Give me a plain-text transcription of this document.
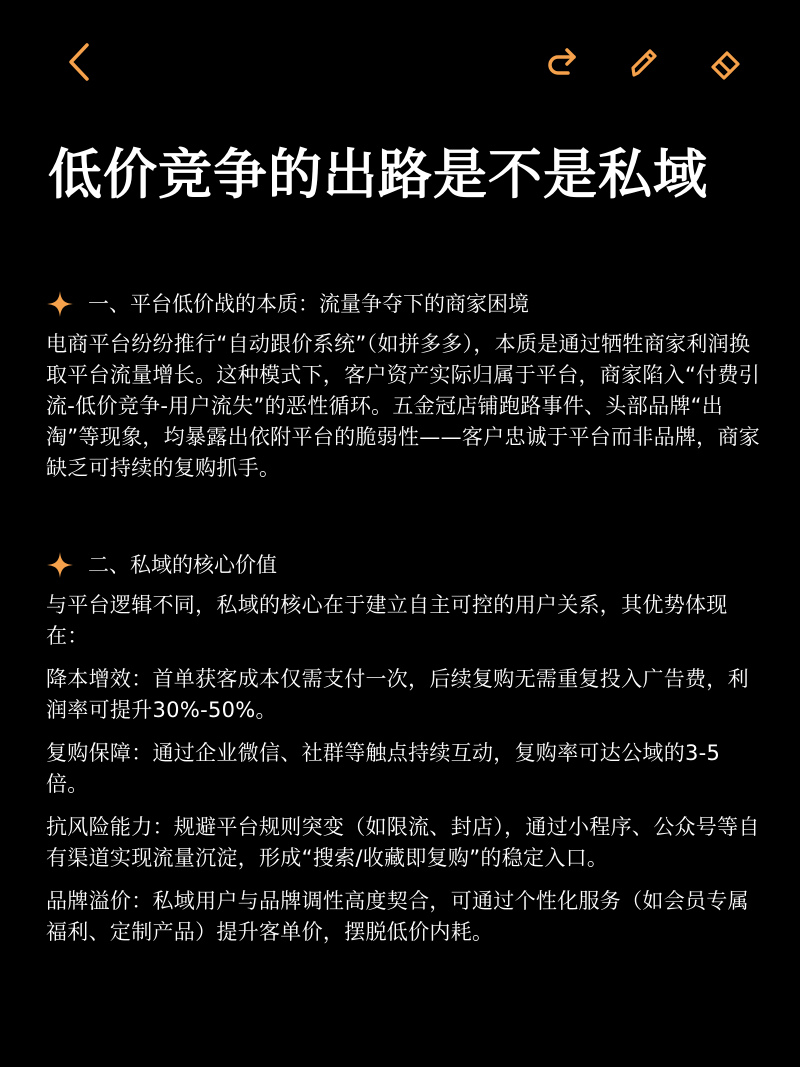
低价竞争的出路是不是私域
一、平台低价战的本质：流量争夺下的商家困境

电商平台纷纷推行“自动跟价系统”（如拼多多），本质是通过牺牲商家利润换取平台流量增长。这种模式下，客户资产实际归属于平台，商家陷入“付费引流-低价竞争-用户流失”的恶性循环。五金冠店铺跑路事件、头部品牌“出淘”等现象，均暴露出依附平台的脆弱性——客户忠诚于平台而非品牌，商家缺乏可持续的复购抓手。

二、私域的核心价值

与平台逻辑不同，私域的核心在于建立自主可控的用户关系，其优势体现在：

降本增效：首单获客成本仅需支付一次，后续复购无需重复投入广告费，利润率可提升30%-50%。

复购保障：通过企业微信、社群等触点持续互动，复购率可达公域的3-5倍。

抗风险能力：规避平台规则突变（如限流、封店），通过小程序、公众号等自有渠道实现流量沉淀，形成“搜索/收藏即复购”的稳定入口。

品牌溢价：私域用户与品牌调性高度契合，可通过个性化服务（如会员专属福利、定制产品）提升客单价，摆脱低价内耗。
